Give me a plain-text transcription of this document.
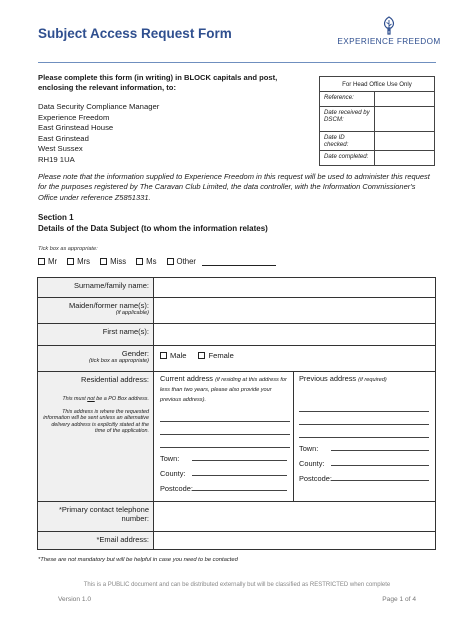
Subject Access Request Form
EXPERIENCE FREEDOM
Please complete this form (in writing) in BLOCK capitals and post, enclosing the relevant information, to:
Data Security Compliance Manager
Experience Freedom
East Grinstead House
East Grinstead
West Sussex
RH19 1UA
For Head Office Use Only	
Reference:	
Date received by DSCM:	
Date ID checked:	
Date completed:	
Please note that the information supplied to Experience Freedom in this request will be used to administer this request for the purposes registered by The Caravan Club Limited, the data controller, with the Information Commissioner's Office under reference Z5851331.
Section 1
Details of the Data Subject (to whom the information relates)
Tick box as appropriate:
Mr	Mrs	Miss	Ms	Other
Surname/family name:
Maiden/former name(s):
(if applicable)
First name(s):
Gender:
(tick box as appropriate)
Male	Female
Residential address:
This must not be a PO Box address.
This address is where the requested information will be sent unless an alternative delivery address is explicitly stated at the time of the application.
Current address (if residing at this address for less than two years, please also provide your previous address).
Town:
County:
Postcode:
Previous address (if required)
Town:
County:
Postcode:
*Primary contact telephone number:
*Email address:
*These are not mandatory but will be helpful in case you need to be contacted
This is a PUBLIC document and can be distributed externally but will be classified as RESTRICTED when complete
Version 1.0	Page 1 of 4
